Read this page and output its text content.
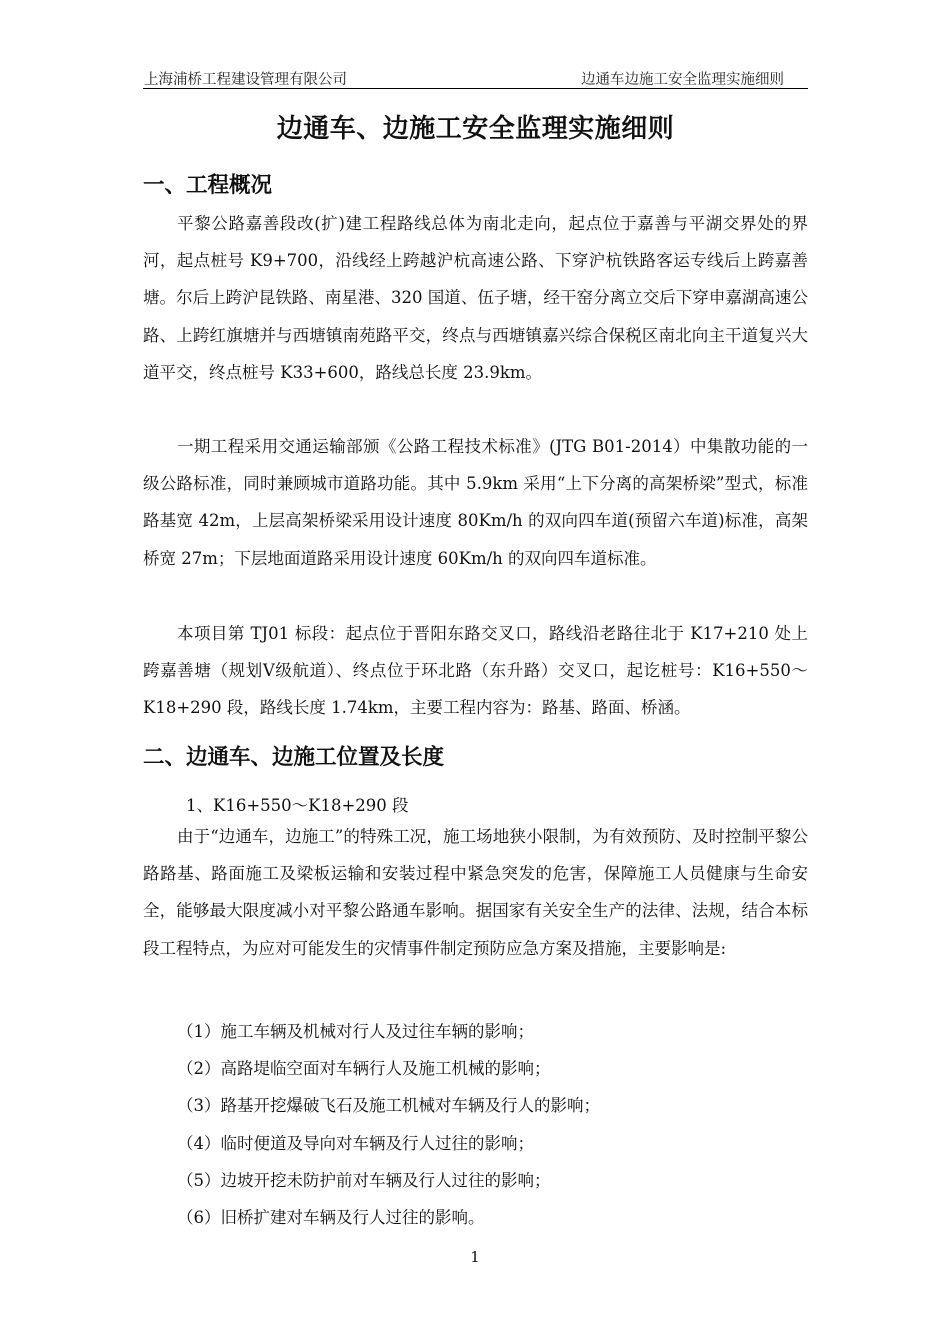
上海浦桥工程建设管理有限公司	边通车边施工安全监理实施细则
边通车、边施工安全监理实施细则
一、工程概况

平黎公路嘉善段改(扩)建工程路线总体为南北走向，起点位于嘉善与平湖交界处的界河，起点桩号 K9+700，沿线经上跨越沪杭高速公路、下穿沪杭铁路客运专线后上跨嘉善塘。尔后上跨沪昆铁路、南星港、320 国道、伍子塘，经干窑分离立交后下穿申嘉湖高速公路、上跨红旗塘并与西塘镇南苑路平交，终点与西塘镇嘉兴综合保税区南北向主干道复兴大道平交，终点桩号 K33+600，路线总长度 23.9km。

一期工程采用交通运输部颁《公路工程技术标准》(JTG B01-2014）中集散功能的一级公路标准，同时兼顾城市道路功能。其中 5.9km 采用“上下分离的高架桥梁”型式，标准路基宽 42m，上层高架桥梁采用设计速度 80Km/h 的双向四车道(预留六车道)标准，高架桥宽 27m；下层地面道路采用设计速度 60Km/h 的双向四车道标准。

本项目第 TJ01 标段：起点位于晋阳东路交叉口，路线沿老路往北于 K17+210 处上跨嘉善塘（规划Ⅴ级航道）、终点位于环北路（东升路）交叉口，起讫桩号：K16+550～K18+290 段，路线长度 1.74km，主要工程内容为：路基、路面、桥涵。

二、边通车、边施工位置及长度

1、K16+550～K18+290 段

由于“边通车，边施工”的特殊工况，施工场地狭小限制，为有效预防、及时控制平黎公路路基、路面施工及梁板运输和安装过程中紧急突发的危害，保障施工人员健康与生命安全，能够最大限度减小对平黎公路通车影响。据国家有关安全生产的法律、法规，结合本标段工程特点，为应对可能发生的灾情事件制定预防应急方案及措施，主要影响是:

（1）施工车辆及机械对行人及过往车辆的影响；

（2）高路堤临空面对车辆行人及施工机械的影响；

（3）路基开挖爆破飞石及施工机械对车辆及行人的影响；

（4）临时便道及导向对车辆及行人过往的影响；

（5）边坡开挖未防护前对车辆及行人过往的影响；

（6）旧桥扩建对车辆及行人过往的影响。

1
